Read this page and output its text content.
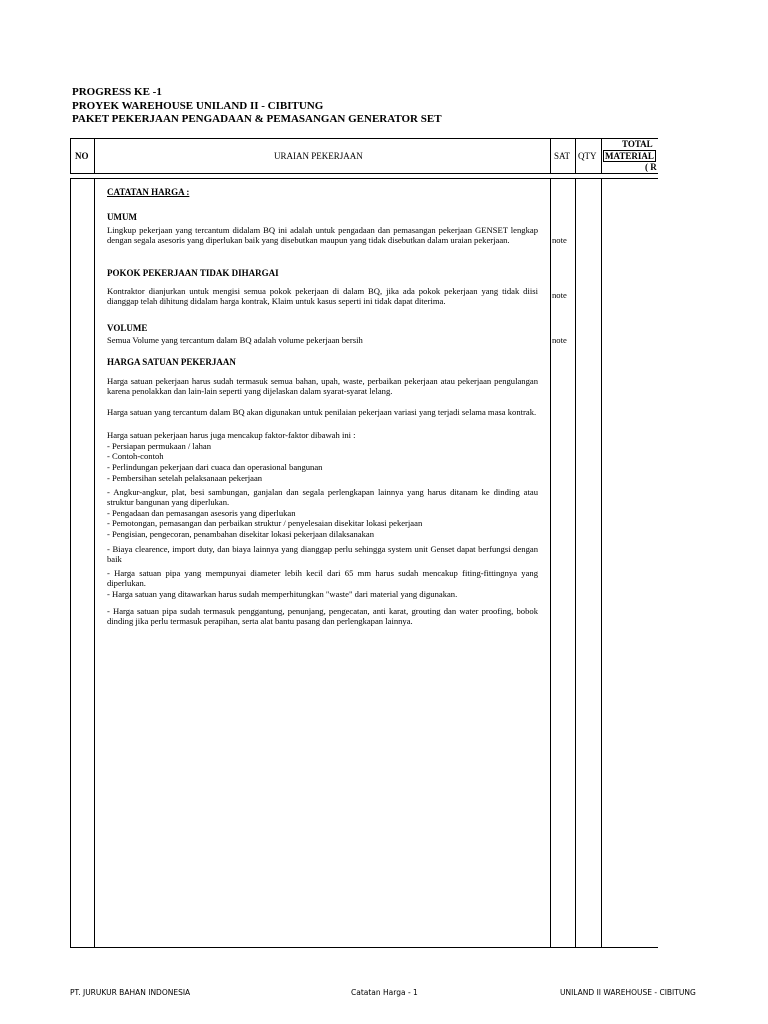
PROGRESS KE -1
PROYEK WAREHOUSE UNILAND II - CIBITUNG
PAKET PEKERJAAN PENGADAAN & PEMASANGAN GENERATOR SET
NO	URAIAN PEKERJAAN	SAT QTY
TOTAL
MATERIAL
( R
CATATAN HARGA :
UMUM
Lingkup pekerjaan yang tercantum didalam BQ ini adalah untuk pengadaan dan pemasangan pekerjaan GENSET lengkap dengan segala asesoris yang diperlukan baik yang disebutkan maupun yang tidak disebutkan dalam uraian pekerjaan.	note
POKOK PEKERJAAN TIDAK DIHARGAI
Kontraktor dianjurkan untuk mengisi semua pokok pekerjaan di dalam BQ, jika ada pokok pekerjaan yang tidak diisi dianggap telah dihitung didalam harga kontrak, Klaim untuk kasus seperti ini tidak dapat diterima.
note
VOLUME
Semua Volume yang tercantum dalam BQ adalah volume pekerjaan bersih	note
HARGA SATUAN PEKERJAAN
Harga satuan pekerjaan harus sudah termasuk semua bahan, upah, waste, perbaikan pekerjaan atau pekerjaan pengulangan karena penolakkan dan lain-lain seperti yang dijelaskan dalam syarat-syarat lelang.
Harga satuan yang tercantum dalam BQ akan digunakan untuk penilaian pekerjaan variasi yang terjadi selama masa kontrak.
Harga satuan pekerjaan harus juga mencakup faktor-faktor dibawah ini :
- Persiapan permukaan / lahan
- Contoh-contoh
- Perlindungan pekerjaan dari cuaca dan operasional bangunan
- Pembersihan setelah pelaksanaan pekerjaan
- Angkur-angkur, plat, besi sambungan, ganjalan dan segala perlengkapan lainnya yang harus ditanam ke dinding atau struktur bangunan yang diperlukan.
- Pengadaan dan pemasangan asesoris yang diperlukan
- Pemotongan, pemasangan dan perbaikan struktur / penyelesaian disekitar lokasi pekerjaan
- Pengisian, pengecoran, penambahan disekitar lokasi pekerjaan dilaksanakan
- Biaya clearence, import duty, dan biaya lainnya yang dianggap perlu sehingga system unit Genset dapat berfungsi dengan baik
- Harga satuan pipa yang mempunyai diameter lebih kecil dari 65 mm harus sudah mencakup fiting-fittingnya yang diperlukan.
- Harga satuan yang ditawarkan harus sudah memperhitungkan "waste" dari material yang digunakan.
- Harga satuan pipa sudah termasuk penggantung, penunjang, pengecatan, anti karat, grouting dan water proofing, bobok dinding jika perlu termasuk perapihan, serta alat bantu pasang dan perlengkapan lainnya.
PT. JURUKUR BAHAN INDONESIA	Catatan Harga - 1	UNILAND II WAREHOUSE - CIBITUNG
